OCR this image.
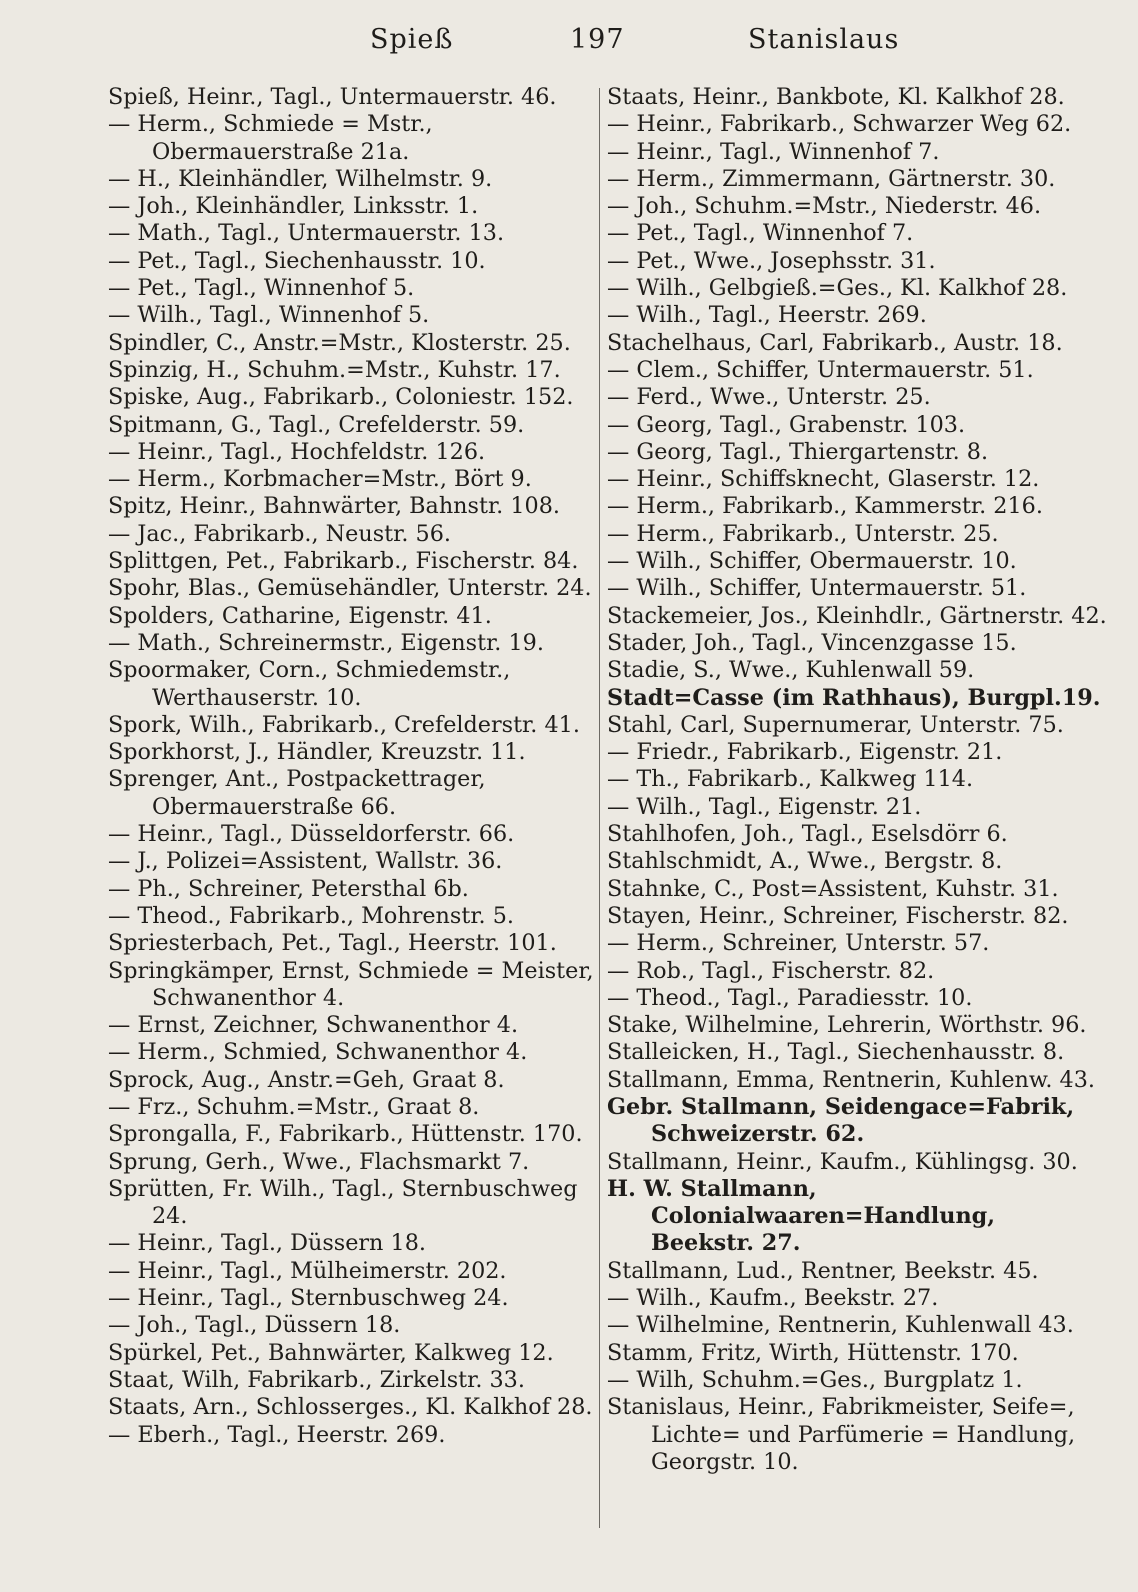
Spieß	197	Stanislaus
Spieß, Heinr., Tagl., Untermauerstr. 46.
— Herm., Schmiede = Mstr., Obermauerstraße 21a.
— H., Kleinhändler, Wilhelmstr. 9.
— Joh., Kleinhändler, Linksstr. 1.
— Math., Tagl., Untermauerstr. 13.
— Pet., Tagl., Siechenhausstr. 10.
— Pet., Tagl., Winnenhof 5.
— Wilh., Tagl., Winnenhof 5.
Spindler, C., Anstr.=Mstr., Klosterstr. 25.
Spinzig, H., Schuhm.=Mstr., Kuhstr. 17.
Spiske, Aug., Fabrikarb., Coloniestr. 152.
Spitmann, G., Tagl., Crefelderstr. 59.
— Heinr., Tagl., Hochfeldstr. 126.
— Herm., Korbmacher=Mstr., Bört 9.
Spitz, Heinr., Bahnwärter, Bahnstr. 108.
— Jac., Fabrikarb., Neustr. 56.
Splittgen, Pet., Fabrikarb., Fischerstr. 84.
Spohr, Blas., Gemüsehändler, Unterstr. 24.
Spolders, Catharine, Eigenstr. 41.
— Math., Schreinermstr., Eigenstr. 19.
Spoormaker, Corn., Schmiedemstr., Werthauserstr. 10.
Spork, Wilh., Fabrikarb., Crefelderstr. 41.
Sporkhorst, J., Händler, Kreuzstr. 11.
Sprenger, Ant., Postpackettrager, Obermauerstraße 66.
— Heinr., Tagl., Düsseldorferstr. 66.
— J., Polizei=Assistent, Wallstr. 36.
— Ph., Schreiner, Petersthal 6b.
— Theod., Fabrikarb., Mohrenstr. 5.
Spriesterbach, Pet., Tagl., Heerstr. 101.
Springkämper, Ernst, Schmiede = Meister, Schwanenthor 4.
— Ernst, Zeichner, Schwanenthor 4.
— Herm., Schmied, Schwanenthor 4.
Sprock, Aug., Anstr.=Geh, Graat 8.
— Frz., Schuhm.=Mstr., Graat 8.
Sprongalla, F., Fabrikarb., Hüttenstr. 170.
Sprung, Gerh., Wwe., Flachsmarkt 7.
Sprütten, Fr. Wilh., Tagl., Sternbuschweg 24.
— Heinr., Tagl., Düssern 18.
— Heinr., Tagl., Mülheimerstr. 202.
— Heinr., Tagl., Sternbuschweg 24.
— Joh., Tagl., Düssern 18.
Spürkel, Pet., Bahnwärter, Kalkweg 12.
Staat, Wilh, Fabrikarb., Zirkelstr. 33.
Staats, Arn., Schlosserges., Kl. Kalkhof 28.
— Eberh., Tagl., Heerstr. 269.
Staats, Heinr., Bankbote, Kl. Kalkhof 28.
— Heinr., Fabrikarb., Schwarzer Weg 62.
— Heinr., Tagl., Winnenhof 7.
— Herm., Zimmermann, Gärtnerstr. 30.
— Joh., Schuhm.=Mstr., Niederstr. 46.
— Pet., Tagl., Winnenhof 7.
— Pet., Wwe., Josephsstr. 31.
— Wilh., Gelbgieß.=Ges., Kl. Kalkhof 28.
— Wilh., Tagl., Heerstr. 269.
Stachelhaus, Carl, Fabrikarb., Austr. 18.
— Clem., Schiffer, Untermauerstr. 51.
— Ferd., Wwe., Unterstr. 25.
— Georg, Tagl., Grabenstr. 103.
— Georg, Tagl., Thiergartenstr. 8.
— Heinr., Schiffsknecht, Glaserstr. 12.
— Herm., Fabrikarb., Kammerstr. 216.
— Herm., Fabrikarb., Unterstr. 25.
— Wilh., Schiffer, Obermauerstr. 10.
— Wilh., Schiffer, Untermauerstr. 51.
Stackemeier, Jos., Kleinhdlr., Gärtnerstr. 42.
Stader, Joh., Tagl., Vincenzgasse 15.
Stadie, S., Wwe., Kuhlenwall 59.
Stadt=Casse (im Rathhaus), Burgpl.19.
Stahl, Carl, Supernumerar, Unterstr. 75.
— Friedr., Fabrikarb., Eigenstr. 21.
— Th., Fabrikarb., Kalkweg 114.
— Wilh., Tagl., Eigenstr. 21.
Stahlhofen, Joh., Tagl., Eselsdörr 6.
Stahlschmidt, A., Wwe., Bergstr. 8.
Stahnke, C., Post=Assistent, Kuhstr. 31.
Stayen, Heinr., Schreiner, Fischerstr. 82.
— Herm., Schreiner, Unterstr. 57.
— Rob., Tagl., Fischerstr. 82.
— Theod., Tagl., Paradiesstr. 10.
Stake, Wilhelmine, Lehrerin, Wörthstr. 96.
Stalleicken, H., Tagl., Siechenhausstr. 8.
Stallmann, Emma, Rentnerin, Kuhlenw. 43.
Gebr. Stallmann, Seidengace=Fabrik, Schweizerstr. 62.
Stallmann, Heinr., Kaufm., Kühlingsg. 30.
H. W. Stallmann, Colonialwaaren=Handlung, Beekstr. 27.
Stallmann, Lud., Rentner, Beekstr. 45.
— Wilh., Kaufm., Beekstr. 27.
— Wilhelmine, Rentnerin, Kuhlenwall 43.
Stamm, Fritz, Wirth, Hüttenstr. 170.
— Wilh, Schuhm.=Ges., Burgplatz 1.
Stanislaus, Heinr., Fabrikmeister, Seife=, Lichte= und Parfümerie = Handlung, Georgstr. 10.
